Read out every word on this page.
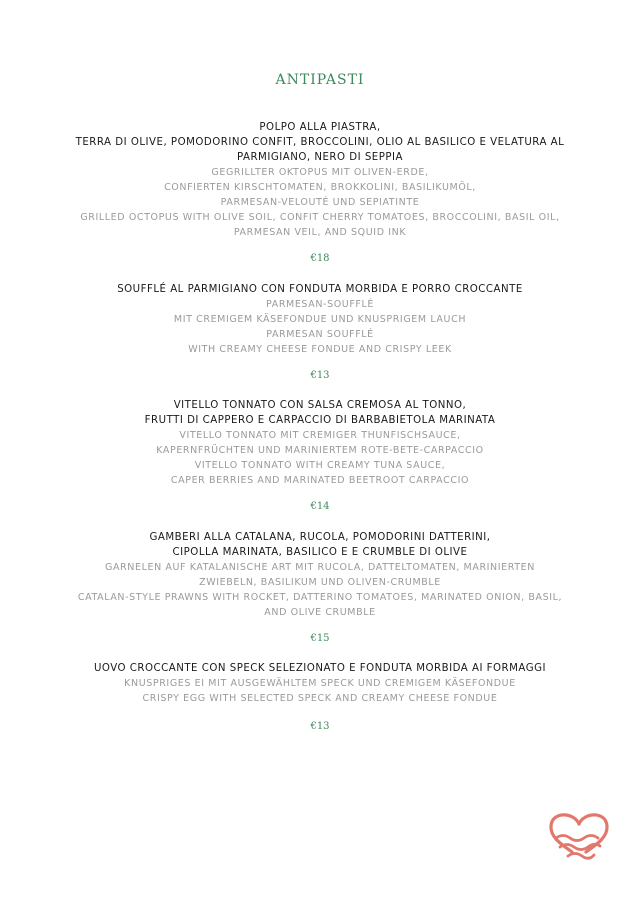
ANTIPASTI
POLPO ALLA PIASTRA,
TERRA DI OLIVE, POMODORINO CONFIT, BROCCOLINI, OLIO AL BASILICO E VELATURA AL
PARMIGIANO, NERO DI SEPPIA
GEGRILLTER OKTOPUS MIT OLIVEN-ERDE,
CONFIERTEN KIRSCHTOMATEN, BROKKOLINI, BASILIKUMÖL,
PARMESAN-VELOUTÉ UND SEPIATINTE
GRILLED OCTOPUS WITH OLIVE SOIL, CONFIT CHERRY TOMATOES, BROCCOLINI, BASIL OIL,
PARMESAN VEIL, AND SQUID INK
€18
SOUFFLÉ AL PARMIGIANO CON FONDUTA MORBIDA E PORRO CROCCANTE
PARMESAN-SOUFFLÉ
MIT CREMIGEM KÄSEFONDUE UND KNUSPRIGEM LAUCH
PARMESAN SOUFFLÉ
WITH CREAMY CHEESE FONDUE AND CRISPY LEEK
€13
VITELLO TONNATO CON SALSA CREMOSA AL TONNO,
FRUTTI DI CAPPERO E CARPACCIO DI BARBABIETOLA MARINATA
VITELLO TONNATO MIT CREMIGER THUNFISCHSAUCE,
KAPERNFRÜCHTEN UND MARINIERTEM ROTE-BETE-CARPACCIO
VITELLO TONNATO WITH CREAMY TUNA SAUCE,
CAPER BERRIES AND MARINATED BEETROOT CARPACCIO
€14
GAMBERI ALLA CATALANA, RUCOLA, POMODORINI DATTERINI,
CIPOLLA MARINATA, BASILICO E E CRUMBLE DI OLIVE
GARNELEN AUF KATALANISCHE ART MIT RUCOLA, DATTELTOMATEN, MARINIERTEN
ZWIEBELN, BASILIKUM UND OLIVEN-CRUMBLE
CATALAN-STYLE PRAWNS WITH ROCKET, DATTERINO TOMATOES, MARINATED ONION, BASIL,
AND OLIVE CRUMBLE
€15
UOVO CROCCANTE CON SPECK SELEZIONATO E FONDUTA MORBIDA AI FORMAGGI
KNUSPRIGES EI MIT AUSGEWÄHLTEM SPECK UND CREMIGEM KÄSEFONDUE
CRISPY EGG WITH SELECTED SPECK AND CREAMY CHEESE FONDUE
€13
